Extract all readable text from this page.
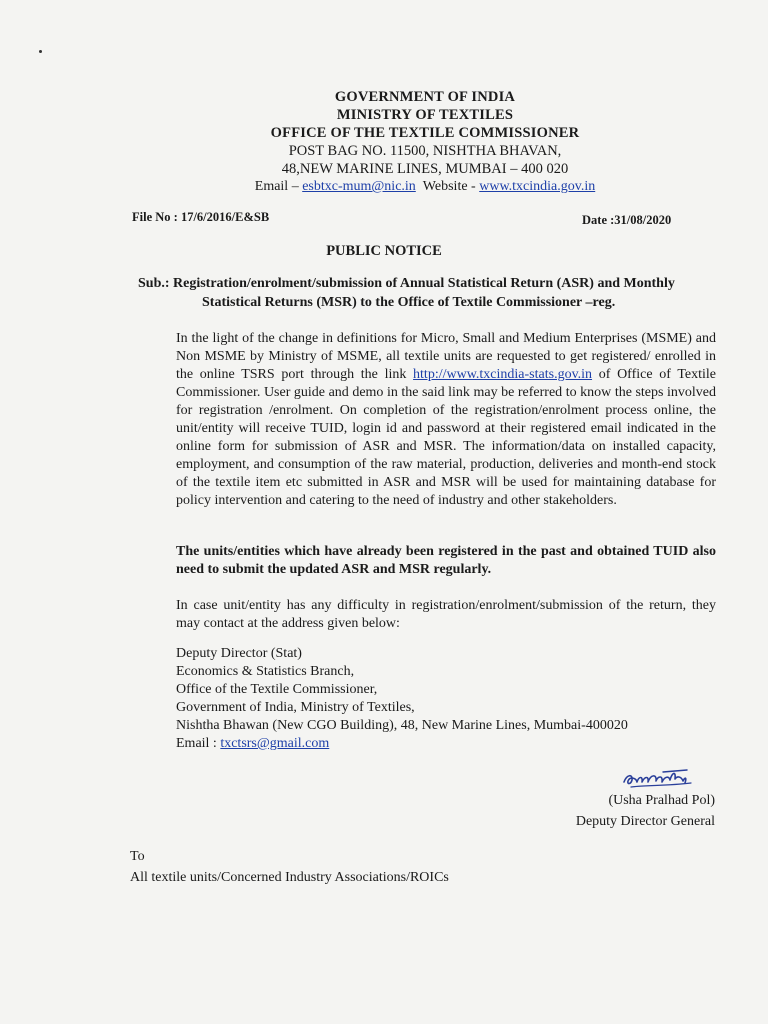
GOVERNMENT OF INDIA
MINISTRY OF TEXTILES
OFFICE OF THE TEXTILE COMMISSIONER
POST BAG NO. 11500, NISHTHA BHAVAN,
48,NEW MARINE LINES, MUMBAI – 400 020
Email – esbtxc-mum@nic.in Website - www.txcindia.gov.in
File No : 17/6/2016/E&SB	Date :31/08/2020
PUBLIC NOTICE
Sub.: Registration/enrolment/submission of Annual Statistical Return (ASR) and Monthly
Statistical Returns (MSR) to the Office of Textile Commissioner –reg.
In the light of the change in definitions for Micro, Small and Medium Enterprises (MSME) and Non MSME by Ministry of MSME, all textile units are requested to get registered/ enrolled in the online TSRS port through the link http://www.txcindia-stats.gov.in of Office of Textile Commissioner. User guide and demo in the said link may be referred to know the steps involved for registration /enrolment. On completion of the registration/enrolment process online, the unit/entity will receive TUID, login id and password at their registered email indicated in the online form for submission of ASR and MSR. The information/data on installed capacity, employment, and consumption of the raw material, production, deliveries and month-end stock of the textile item etc submitted in ASR and MSR will be used for maintaining database for policy intervention and catering to the need of industry and other stakeholders.
The units/entities which have already been registered in the past and obtained TUID also need to submit the updated ASR and MSR regularly.
In case unit/entity has any difficulty in registration/enrolment/submission of the return, they may contact at the address given below:
Deputy Director (Stat)
Economics & Statistics Branch,
Office of the Textile Commissioner,
Government of India, Ministry of Textiles,
Nishtha Bhawan (New CGO Building), 48, New Marine Lines, Mumbai-400020
Email : txctsrs@gmail.com
(Usha Pralhad Pol)
Deputy Director General
To
All textile units/Concerned Industry Associations/ROICs
